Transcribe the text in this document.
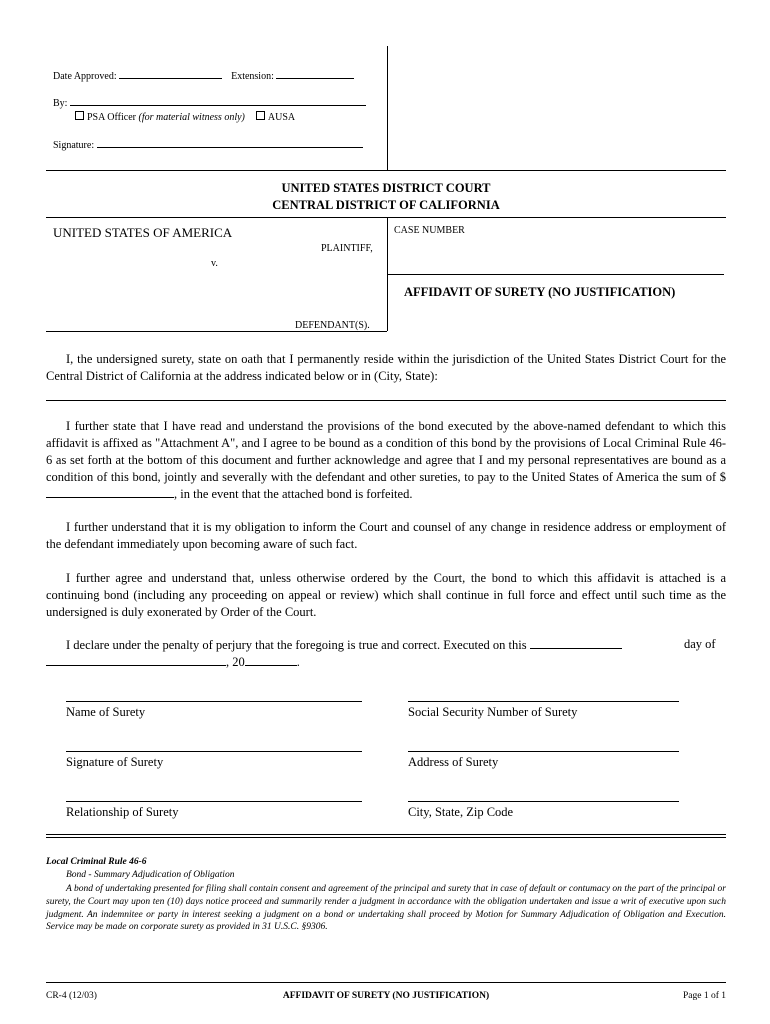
Date Approved:	Extension:
By:
PSA Officer (for material witness only) AUSA
Signature:
UNITED STATES DISTRICT COURT
CENTRAL DISTRICT OF CALIFORNIA
UNITED STATES OF AMERICA
PLAINTIFF,
v.
DEFENDANT(S).
CASE NUMBER
AFFIDAVIT OF SURETY (NO JUSTIFICATION)
I, the undersigned surety, state on oath that I permanently reside within the jurisdiction of the United States District Court for the Central District of California at the address indicated below or in (City, State):
I further state that I have read and understand the provisions of the bond executed by the above-named defendant to which this affidavit is affixed as "Attachment A", and I agree to be bound as a condition of this bond by the provisions of Local Criminal Rule 46-6 as set forth at the bottom of this document and further acknowledge and agree that I and my personal representatives are bound as a condition of this bond, jointly and severally with the defendant and other sureties, to pay to the United States of America the sum of $, in the event that the attached bond is forfeited.
I further understand that it is my obligation to inform the Court and counsel of any change in residence address or employment of the defendant immediately upon becoming aware of such fact.
I further agree and understand that, unless otherwise ordered by the Court, the bond to which this affidavit is attached is a continuing bond (including any proceeding on appeal or review) which shall continue in full force and effect until such time as the undersigned is duly exonerated by Order of the Court.
I declare under the penalty of perjury that the foregoing is true and correct. Executed on this	day of
, 20	.
Name of Surety	Social Security Number of Surety
Signature of Surety	Address of Surety
Relationship of Surety	City, State, Zip Code
Local Criminal Rule 46-6
Bond - Summary Adjudication of Obligation
A bond of undertaking presented for filing shall contain consent and agreement of the principal and surety that in case of default or contumacy on the part of the principal or surety, the Court may upon ten (10) days notice proceed and summarily render a judgment in accordance with the obligation undertaken and issue a writ of executive upon such judgment. An indemnitee or party in interest seeking a judgment on a bond or undertaking shall proceed by Motion for Summary Adjudication of Obligation and Execution. Service may be made on corporate surety as provided in 31 U.S.C. §9306.
CR-4 (12/03)	AFFIDAVIT OF SURETY (NO JUSTIFICATION)	Page 1 of 1
